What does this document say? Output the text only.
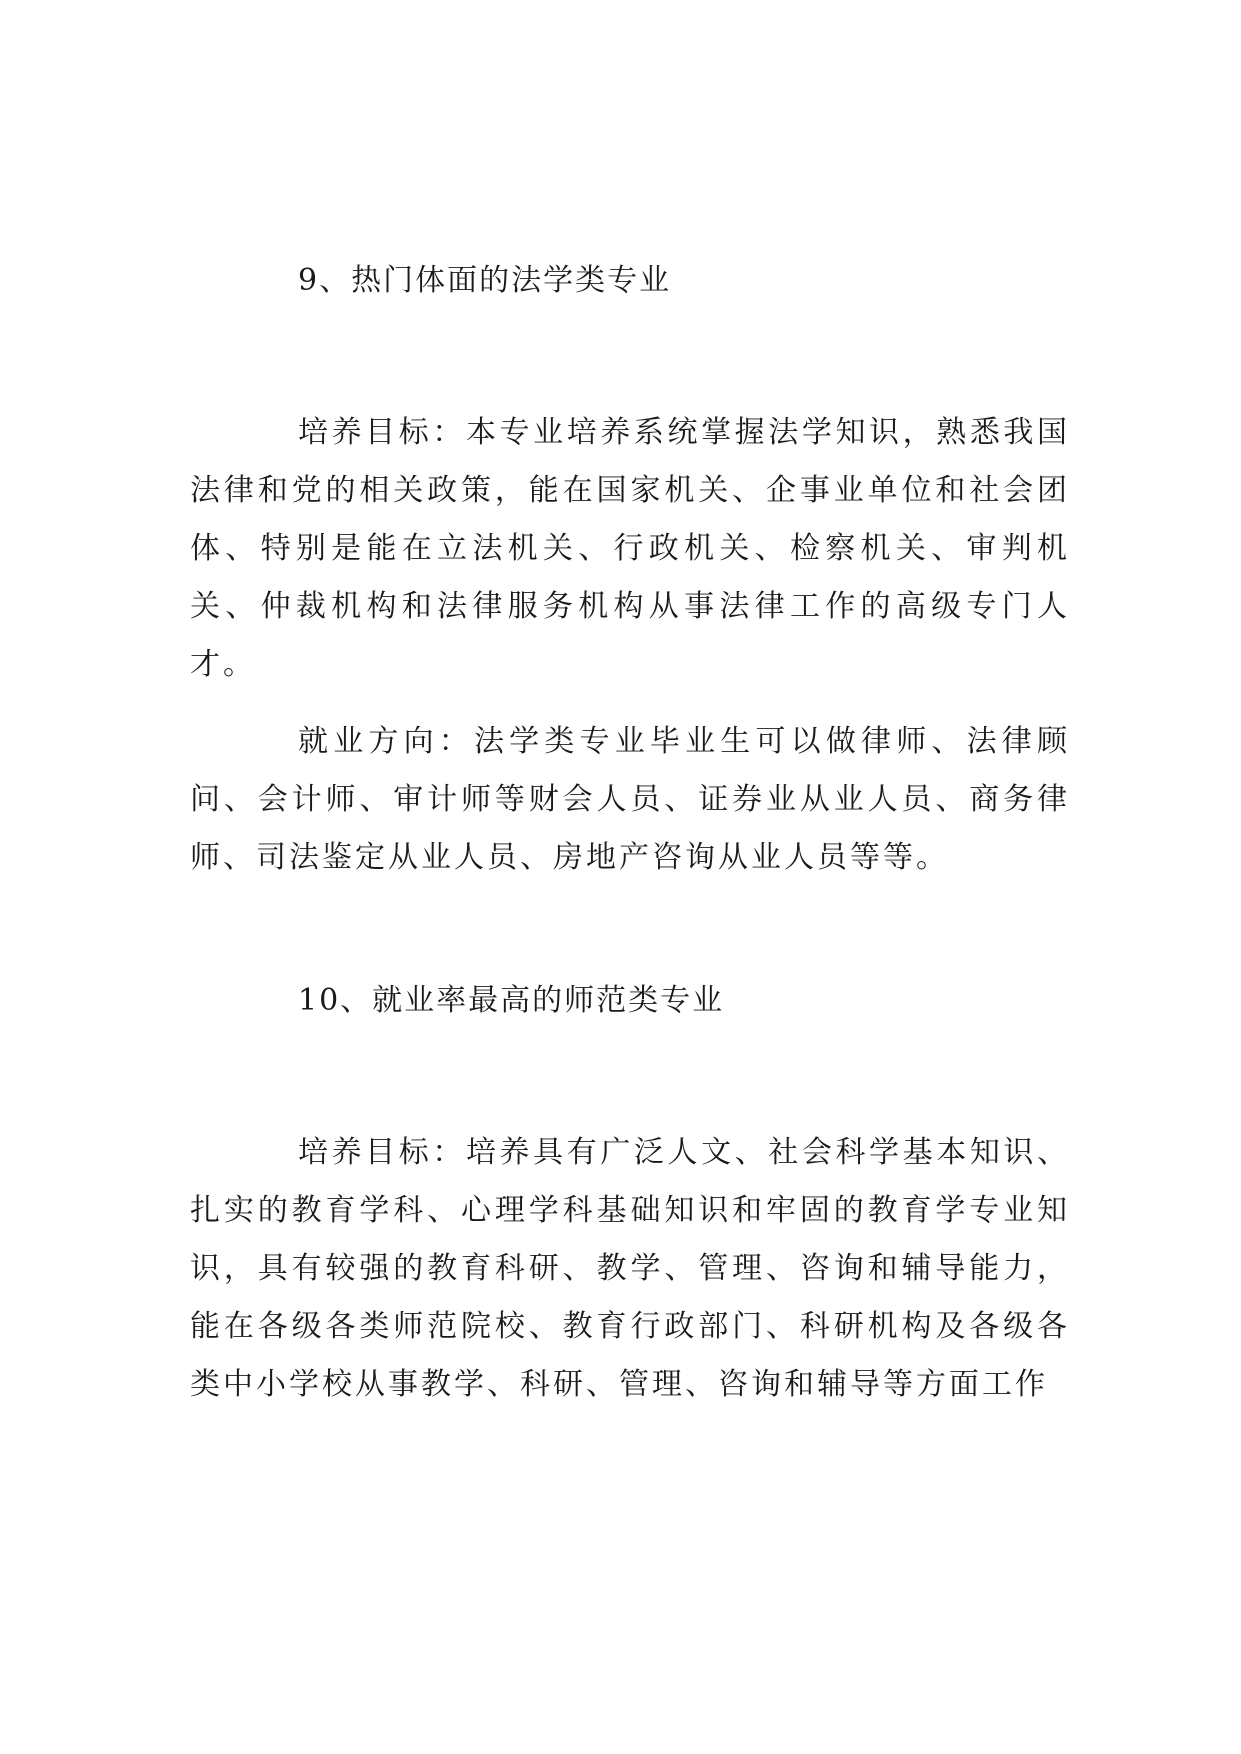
9、热门体面的法学类专业

培养目标：本专业培养系统掌握法学知识，熟悉我国法律和党的相关政策，能在国家机关、企事业单位和社会团体、特别是能在立法机关、行政机关、检察机关、审判机关、仲裁机构和法律服务机构从事法律工作的高级专门人才。

就业方向：法学类专业毕业生可以做律师、法律顾问、会计师、审计师等财会人员、证券业从业人员、商务律师、司法鉴定从业人员、房地产咨询从业人员等等。

10、就业率最高的师范类专业

培养目标：培养具有广泛人文、社会科学基本知识、扎实的教育学科、心理学科基础知识和牢固的教育学专业知识，具有较强的教育科研、教学、管理、咨询和辅导能力，能在各级各类师范院校、教育行政部门、科研机构及各级各类中小学校从事教学、科研、管理、咨询和辅导等方面工作
